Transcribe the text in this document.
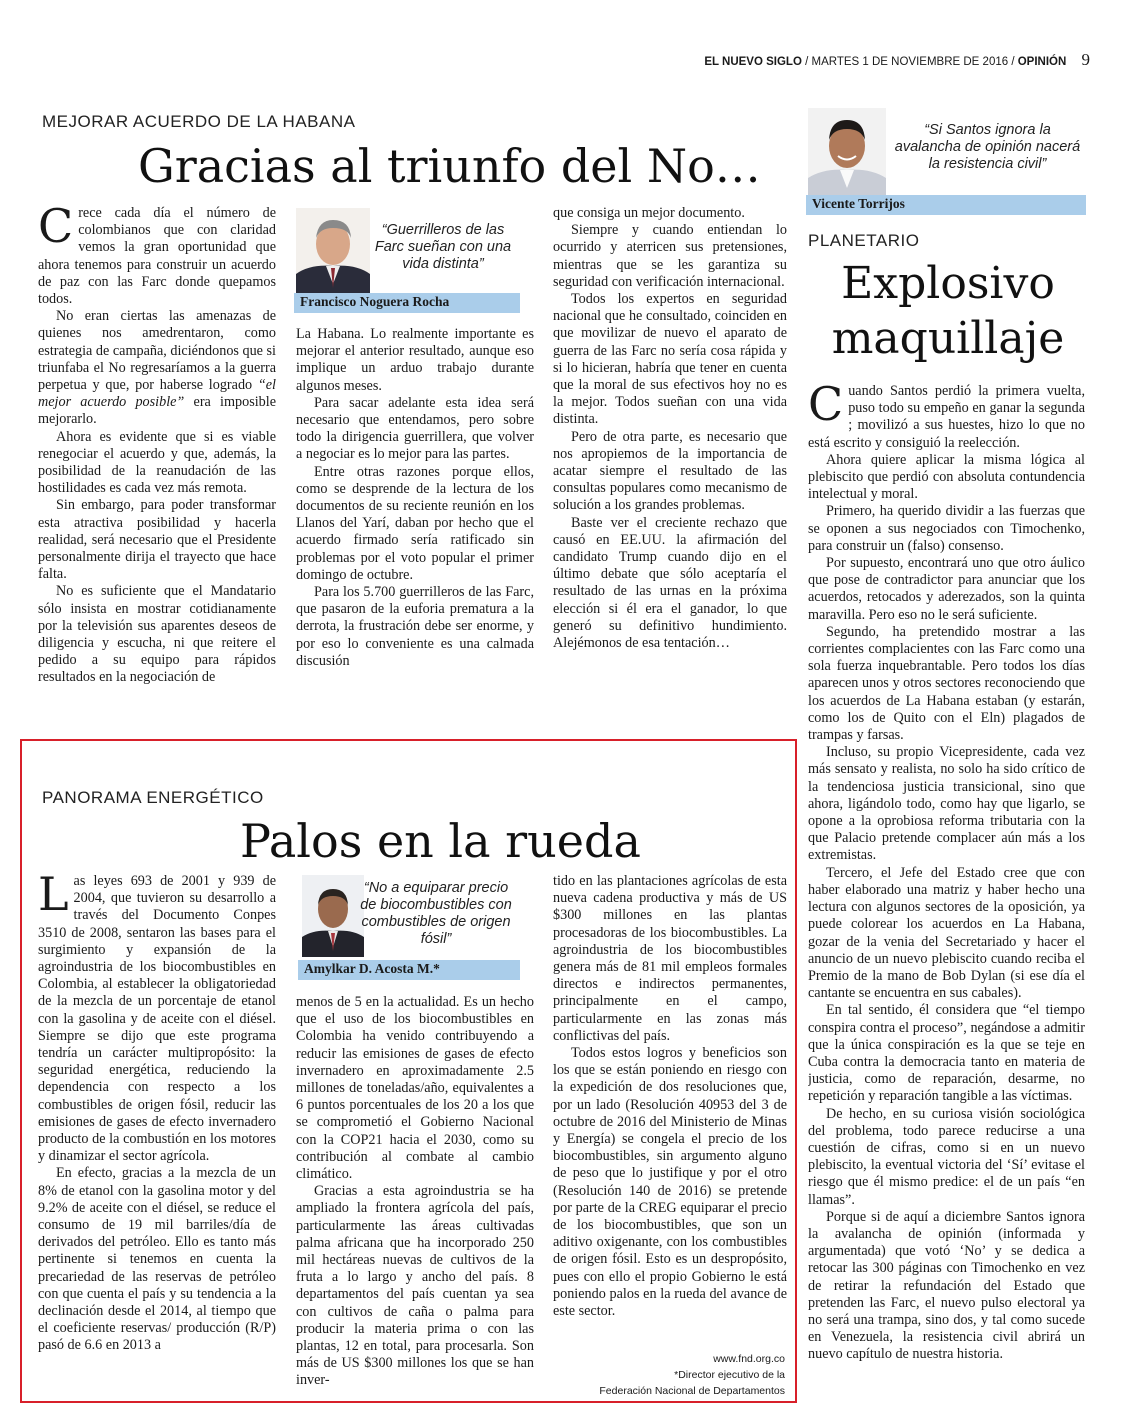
EL NUEVO SIGLO / MARTES 1 DE NOVIEMBRE DE 2016 / OPINIÓN 9
MEJORAR ACUERDO DE LA HABANA
Gracias al triunfo del No…

Crece cada día el número de colombianos que con claridad vemos la gran oportunidad que ahora tenemos para construir un acuerdo de paz con las Farc donde quepamos todos.

No eran ciertas las amenazas de quienes nos amedrentaron, como estrategia de campaña, diciéndonos que si triunfaba el No regresaríamos a la guerra perpetua y que, por haberse logrado “el mejor acuerdo posible” era imposible mejorarlo.

Ahora es evidente que si es viable renegociar el acuerdo y que, además, la posibilidad de la reanudación de las hostilidades es cada vez más remota.

Sin embargo, para poder transformar esta atractiva posibilidad y hacerla realidad, será necesario que el Presidente personalmente dirija el trayecto que hace falta.

No es suficiente que el Mandatario sólo insista en mostrar cotidianamente por la televisión sus aparentes deseos de diligencia y escucha, ni que reitere el pedido a su equipo para rápidos resultados en la negociación de

“Guerrilleros de las Farc sueñan con una vida distinta”
Francisco Noguera Rocha

La Habana. Lo realmente importante es mejorar el anterior resultado, aunque eso implique un arduo trabajo durante algunos meses.

Para sacar adelante esta idea será necesario que entendamos, pero sobre todo la dirigencia guerrillera, que volver a negociar es lo mejor para las partes.

Entre otras razones porque ellos, como se desprende de la lectura de los documentos de su reciente reunión en los Llanos del Yarí, daban por hecho que el acuerdo firmado sería ratificado sin problemas por el voto popular el primer domingo de octubre.

Para los 5.700 guerrilleros de las Farc, que pasaron de la euforia prematura a la derrota, la frustración debe ser enorme, y por eso lo conveniente es una calmada discusión

que consiga un mejor documento.

Siempre y cuando entiendan lo ocurrido y aterricen sus pretensiones, mientras que se les garantiza su seguridad con verificación internacional.

Todos los expertos en seguridad nacional que he consultado, coinciden en que movilizar de nuevo el aparato de guerra de las Farc no sería cosa rápida y si lo hicieran, habría que tener en cuenta que la moral de sus efectivos hoy no es la mejor. Todos sueñan con una vida distinta.

Pero de otra parte, es necesario que nos apropiemos de la importancia de acatar siempre el resultado de las consultas populares como mecanismo de solución a los grandes problemas.

Baste ver el creciente rechazo que causó en EE.UU. la afirmación del candidato Trump cuando dijo en el último debate que sólo aceptaría el resultado de las urnas en la próxima elección si él era el ganador, lo que generó su definitivo hundimiento. Alejémonos de esa tentación…

“Si Santos ignora la avalancha de opinión nacerá la resistencia civil”
Vicente Torrijos
PLANETARIO
Explosivo
maquillaje

Cuando Santos perdió la primera vuelta, puso todo su empeño en ganar la segunda ; movilizó a sus huestes, hizo lo que no está escrito y consiguió la reelección.

Ahora quiere aplicar la misma lógica al plebiscito que perdió con absoluta contundencia intelectual y moral.

Primero, ha querido dividir a las fuerzas que se oponen a sus negociados con Timochenko, para construir un (falso) consenso.

Por supuesto, encontrará uno que otro áulico que pose de contradictor para anunciar que los acuerdos, retocados y aderezados, son la quinta maravilla. Pero eso no le será suficiente.

Segundo, ha pretendido mostrar a las corrientes complacientes con las Farc como una sola fuerza inquebrantable. Pero todos los días aparecen unos y otros sectores reconociendo que los acuerdos de La Habana estaban (y estarán, como los de Quito con el Eln) plagados de trampas y farsas.

Incluso, su propio Vicepresidente, cada vez más sensato y realista, no solo ha sido crítico de la tendenciosa justicia transicional, sino que ahora, ligándolo todo, como hay que ligarlo, se opone a la oprobiosa reforma tributaria con la que Palacio pretende complacer aún más a los extremistas.

Tercero, el Jefe del Estado cree que con haber elaborado una matriz y haber hecho una lectura con algunos sectores de la oposición, ya puede colorear los acuerdos en La Habana, gozar de la venia del Secretariado y hacer el anuncio de un nuevo plebiscito cuando reciba el Premio de la mano de Bob Dylan (si ese día el cantante se encuentra en sus cabales).

En tal sentido, él considera que “el tiempo conspira contra el proceso”, negándose a admitir que la única conspiración es la que se teje en Cuba contra la democracia tanto en materia de justicia, como de reparación, desarme, no repetición y reparación tangible a las víctimas.

De hecho, en su curiosa visión sociológica del problema, todo parece reducirse a una cuestión de cifras, como si en un nuevo plebiscito, la eventual victoria del ‘Sí’ evitase el riesgo que él mismo predice: el de un país “en llamas”.

Porque si de aquí a diciembre Santos ignora la avalancha de opinión (informada y argumentada) que votó ‘No’ y se dedica a retocar las 300 páginas con Timochenko en vez de retirar la refundación del Estado que pretenden las Farc, el nuevo pulso electoral ya no será una trampa, sino dos, y tal como sucede en Venezuela, la resistencia civil abrirá un nuevo capítulo de nuestra historia.

PANORAMA ENERGÉTICO
Palos en la rueda

Las leyes 693 de 2001 y 939 de 2004, que tuvieron su desarrollo a través del Documento Conpes 3510 de 2008, sentaron las bases para el surgimiento y expansión de la agroindustria de los biocombustibles en Colombia, al establecer la obligatoriedad de la mezcla de un porcentaje de etanol con la gasolina y de aceite con el diésel. Siempre se dijo que este programa tendría un carácter multipropósito: la seguridad energética, reduciendo la dependencia con respecto a los combustibles de origen fósil, reducir las emisiones de gases de efecto invernadero producto de la combustión en los motores y dinamizar el sector agrícola.

En efecto, gracias a la mezcla de un 8% de etanol con la gasolina motor y del 9.2% de aceite con el diésel, se reduce el consumo de 19 mil barriles/día de derivados del petróleo. Ello es tanto más pertinente si tenemos en cuenta la precariedad de las reservas de petróleo con que cuenta el país y su tendencia a la declinación desde el 2014, al tiempo que el coeficiente reservas/ producción (R/P) pasó de 6.6 en 2013 a

“No a equiparar precio de biocombustibles con combustibles de origen fósil”
Amylkar D. Acosta M.*

menos de 5 en la actualidad. Es un hecho que el uso de los biocombustibles en Colombia ha venido contribuyendo a reducir las emisiones de gases de efecto invernadero en aproximadamente 2.5 millones de toneladas/año, equivalentes a 6 puntos porcentuales de los 20 a los que se comprometió el Gobierno Nacional con la COP21 hacia el 2030, como su contribución al combate al cambio climático.

Gracias a esta agroindustria se ha ampliado la frontera agrícola del país, particularmente las áreas cultivadas palma africana que ha incorporado 250 mil hectáreas nuevas de cultivos de la fruta a lo largo y ancho del país. 8 departamentos del país cuentan ya sea con cultivos de caña o palma para producir la materia prima o con las plantas, 12 en total, para procesarla. Son más de US $300 millones los que se han inver-

tido en las plantaciones agrícolas de esta nueva cadena productiva y más de US $300 millones en las plantas procesadoras de los biocombustibles. La agroindustria de los biocombustibles genera más de 81 mil empleos formales directos e indirectos permanentes, principalmente en el campo, particularmente en las zonas más conflictivas del país.

Todos estos logros y beneficios son los que se están poniendo en riesgo con la expedición de dos resoluciones que, por un lado (Resolución 40953 del 3 de octubre de 2016 del Ministerio de Minas y Energía) se congela el precio de los biocombustibles, sin argumento alguno de peso que lo justifique y por el otro (Resolución 140 de 2016) se pretende por parte de la CREG equiparar el precio de los biocombustibles, que son un aditivo oxigenante, con los combustibles de origen fósil. Esto es un despropósito, pues con ello el propio Gobierno le está poniendo palos en la rueda del avance de este sector.

www.fnd.org.co
*Director ejecutivo de la
Federación Nacional de Departamentos
